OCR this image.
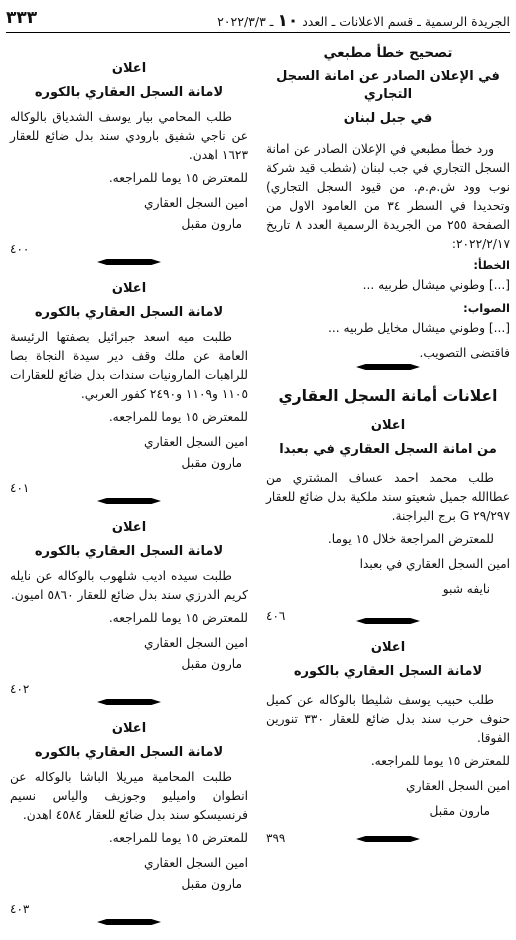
الجريدة الرسمية ـ قسم الاعلانات ـ العدد ١٠ ـ ٢٠٢٢/٣/٣
٣٣٣
تصحيح خطأ مطبعي
في الإعلان الصادر عن امانة السجل التجاري
في جبل لبنان

ورد خطأ مطبعي في الإعلان الصادر عن امانة السجل التجاري في جب لبنان (شطب قيد شركة نوب وود ش.م.م. من قيود السجل التجاري) وتحديدا في السطر ٣٤ من العامود الاول من الصفحة ٢٥٥ من الجريدة الرسمية العدد ٨ تاريخ ٢٠٢٢/٢/١٧:

الخطأ:
[...] وطوني ميشال طربيه ...
الصواب:
[...] وطوني ميشال مخايل طربيه ...
فاقتضى التصويب.
اعلانات أمانة السجل العقاري
اعلان
من امانة السجل العقاري في بعبدا

طلب محمد احمد عساف المشتري من عطاالله جميل شعيتو سند ملكية بدل ضائع للعقار ٢٩/٢٩٧ G برج البراجنة.

للمعترض المراجعة خلال ١٥ يوما.
امين السجل العقاري في بعبدا
نايفه شبو
٤٠٦
اعلان
لامانة السجل العقاري بالكوره

طلب حبيب يوسف شليطا بالوكاله عن كميل حنوف حرب سند بدل ضائع للعقار ٣٣٠ تنورين الفوقا.

للمعترض ١٥ يوما للمراجعه.
امين السجل العقاري
مارون مقبل
٣٩٩
اعلان
لامانة السجل العقاري بالكوره

طلب المحامي بيار يوسف الشدياق بالوكاله عن ناجي شفيق بارودي سند بدل ضائع للعقار ١٦٢٣ اهدن.

للمعترض ١٥ يوما للمراجعه.
امين السجل العقاري
مارون مقبل
٤٠٠
اعلان
لامانة السجل العقاري بالكوره

طلبت ميه اسعد جبرائيل بصفتها الرئيسة العامة عن ملك وقف دير سيدة النجاة بصا للراهبات المارونيات سندات بدل ضائع للعقارات ١١٠٥ و١١٠٩ و٢٤٩٠ كفور العربي.

للمعترض ١٥ يوما للمراجعه.
امين السجل العقاري
مارون مقبل
٤٠١
اعلان
لامانة السجل العقاري بالكوره

طلبت سيده اديب شلهوب بالوكاله عن نايله كريم الدرزي سند بدل ضائع للعقار ٥٨٦٠ اميون.

للمعترض ١٥ يوما للمراجعه.
امين السجل العقاري
مارون مقبل
٤٠٢
اعلان
لامانة السجل العقاري بالكوره

طلبت المحامية ميريلا الباشا بالوكاله عن انطوان واميليو وجوزيف والياس نسيم فرنسيسكو سند بدل ضائع للعقار ٤٥٨٤ اهدن.

للمعترض ١٥ يوما للمراجعه.
امين السجل العقاري
مارون مقبل
٤٠٣
